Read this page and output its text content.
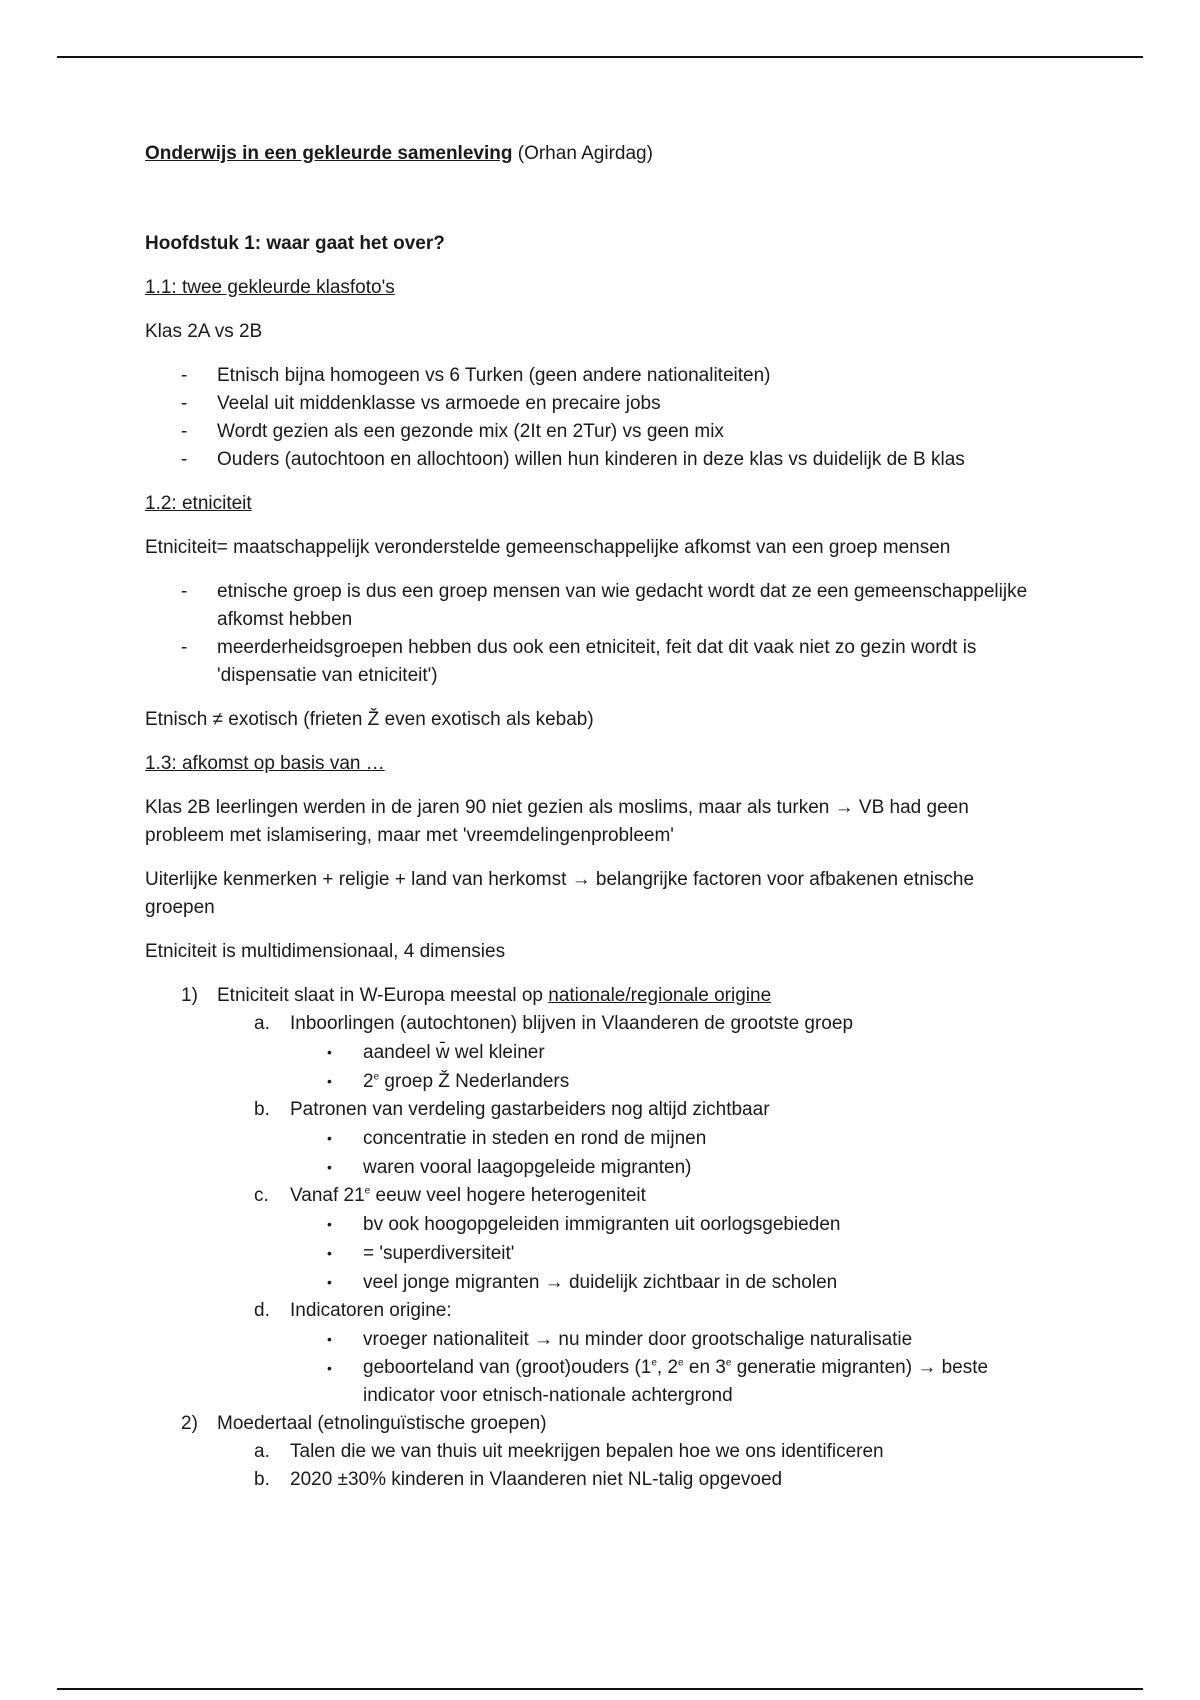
Onderwijs in een gekleurde samenleving (Orhan Agirdag)

Hoofdstuk 1: waar gaat het over?

1.1: twee gekleurde klasfoto's

Klas 2A vs 2B

- Etnisch bijna homogeen vs 6 Turken (geen andere nationaliteiten)
- Veelal uit middenklasse vs armoede en precaire jobs
- Wordt gezien als een gezonde mix (2It en 2Tur) vs geen mix
- Ouders (autochtoon en allochtoon) willen hun kinderen in deze klas vs duidelijk de B klas
1.2: etniciteit

Etniciteit= maatschappelijk veronderstelde gemeenschappelijke afkomst van een groep mensen

- etnische groep is dus een groep mensen van wie gedacht wordt dat ze een gemeenschappelijke afkomst hebben
- meerderheidsgroepen hebben dus ook een etniciteit, feit dat dit vaak niet zo gezin wordt is 'dispensatie van etniciteit')

Etnisch ≠ exotisch (frieten Ž even exotisch als kebab)

1.3: afkomst op basis van …

Klas 2B leerlingen werden in de jaren 90 niet gezien als moslims, maar als turken → VB had geen probleem met islamisering, maar met 'vreemdelingenprobleem'

Uiterlijke kenmerken + religie + land van herkomst → belangrijke factoren voor afbakenen etnische groepen

Etniciteit is multidimensionaal, 4 dimensies

1) Etniciteit slaat in W-Europa meestal op nationale/regionale origine
a. Inboorlingen (autochtonen) blijven in Vlaanderen de grootste groep
• aandeel w̄ wel kleiner
• 2e groep Ž Nederlanders
b. Patronen van verdeling gastarbeiders nog altijd zichtbaar
• concentratie in steden en rond de mijnen
• waren vooral laagopgeleide migranten)
c. Vanaf 21e eeuw veel hogere heterogeniteit
• bv ook hoogopgeleiden immigranten uit oorlogsgebieden
• = 'superdiversiteit'
• veel jonge migranten → duidelijk zichtbaar in de scholen
d. Indicatoren origine:
• vroeger nationaliteit → nu minder door grootschalige naturalisatie
• geboorteland van (groot)ouders (1e, 2e en 3e generatie migranten) → beste indicator voor etnisch-nationale achtergrond
2) Moedertaal (etnolinguïstische groepen)
a. Talen die we van thuis uit meekrijgen bepalen hoe we ons identificeren
b. 2020 ±30% kinderen in Vlaanderen niet NL-talig opgevoed
